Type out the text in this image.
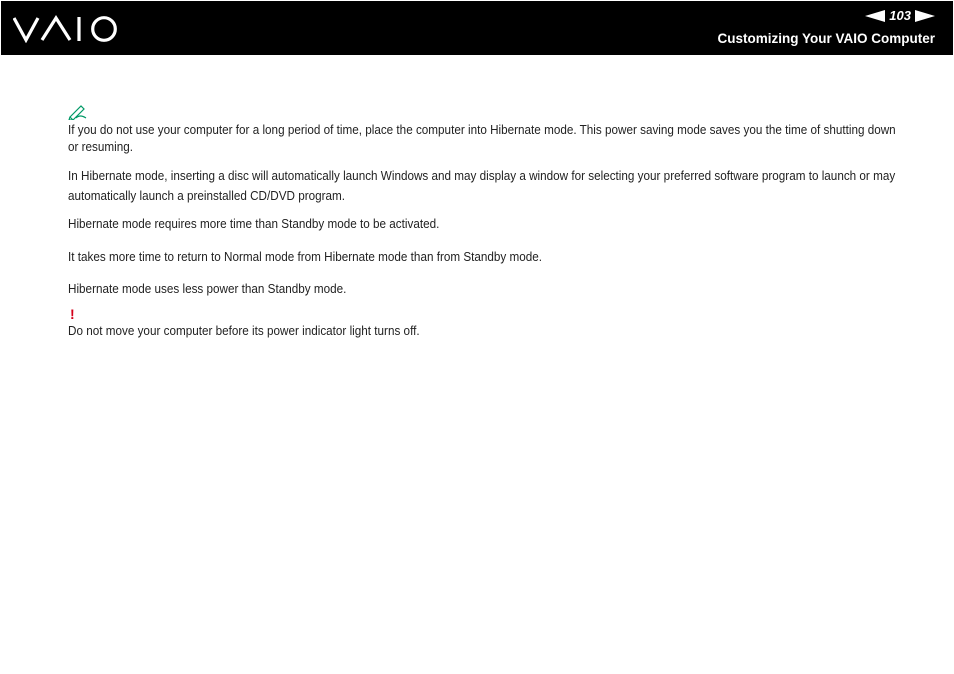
103
Customizing Your VAIO Computer

If you do not use your computer for a long period of time, place the computer into Hibernate mode. This power saving mode saves you the time of shutting down or resuming.

In Hibernate mode, inserting a disc will automatically launch Windows and may display a window for selecting your preferred software program to launch or may automatically launch a preinstalled CD/DVD program.

Hibernate mode requires more time than Standby mode to be activated.

It takes more time to return to Normal mode from Hibernate mode than from Standby mode.

Hibernate mode uses less power than Standby mode.

!

Do not move your computer before its power indicator light turns off.
